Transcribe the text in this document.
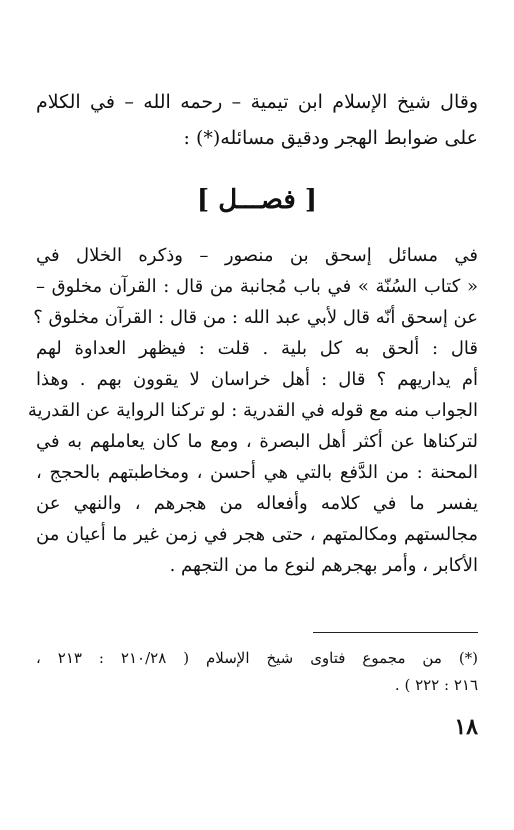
وقال شيخ الإسلام ابن تيمية – رحمه الله – في الكلام على ضوابط الهجر ودقيق مسائله(*) :

[ فصـــل ]
في مسائل إسحق بن منصور – وذكره الخلال في
« كتاب السُنّة » في باب مُجانبة من قال : القرآن مخلوق –
عن إسحق أنّه قال لأبي عبد الله : من قال : القرآن مخلوق ؟
قال : ألحق به كل بلية . قلت : فيظهر العداوة لهم
أم يداريهم ؟ قال : أهل خراسان لا يقوون بهم . وهذا
الجواب منه مع قوله في القدرية : لو تركنا الرواية عن القدرية
لتركناها عن أكثر أهل البصرة ، ومع ما كان يعاملهم به في
المحنة : من الدَّفع بالتي هي أحسن ، ومخاطبتهم بالحجج ،
يفسر ما في كلامه وأفعاله من هجرهم ، والنهي عن
مجالستهم ومكالمتهم ، حتى هجر في زمن غير ما أعيان من
الأكابر ، وأمر بهجرهم لنوع ما من التجهم .
(*) من مجموع فتاوى شيخ الإسلام ( ٢١٠/٢٨ : ٢١٣ ،
٢١٦ : ٢٢٢ ) .
١٨
